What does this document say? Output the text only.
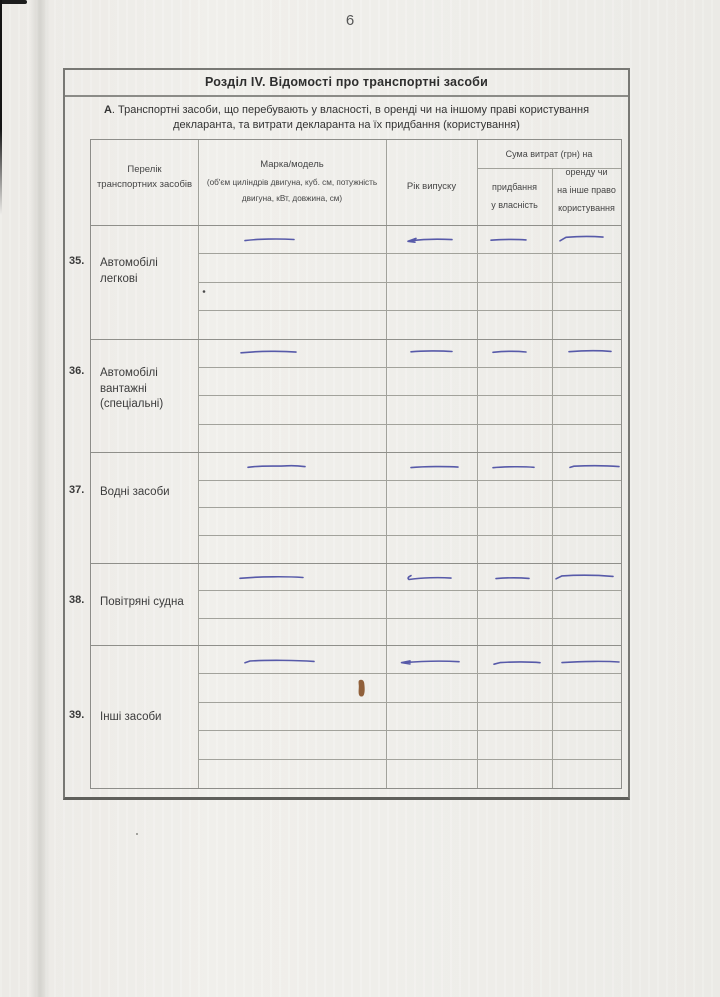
6
Розділ IV. Відомості про транспортні засоби
А. Транспортні засоби, що перебувають у власності, в оренді чи на іншому праві користування декларанта, та витрати декларанта на їх придбання (користування)
35.
36.
37.
38.
39.
Перелік
транспортних засобів
Марка/модель
(об'єм циліндрів двигуна, куб. см, потужність
двигуна, кВт, довжина, см)
Рік випуску
Сума витрат (грн) на
придбання
у власність
оренду чи
на інше право
користування
Автомобілі легкові
Автомобілі вантажні (спеціальні)
Водні засоби
Повітряні судна
Інші засоби
